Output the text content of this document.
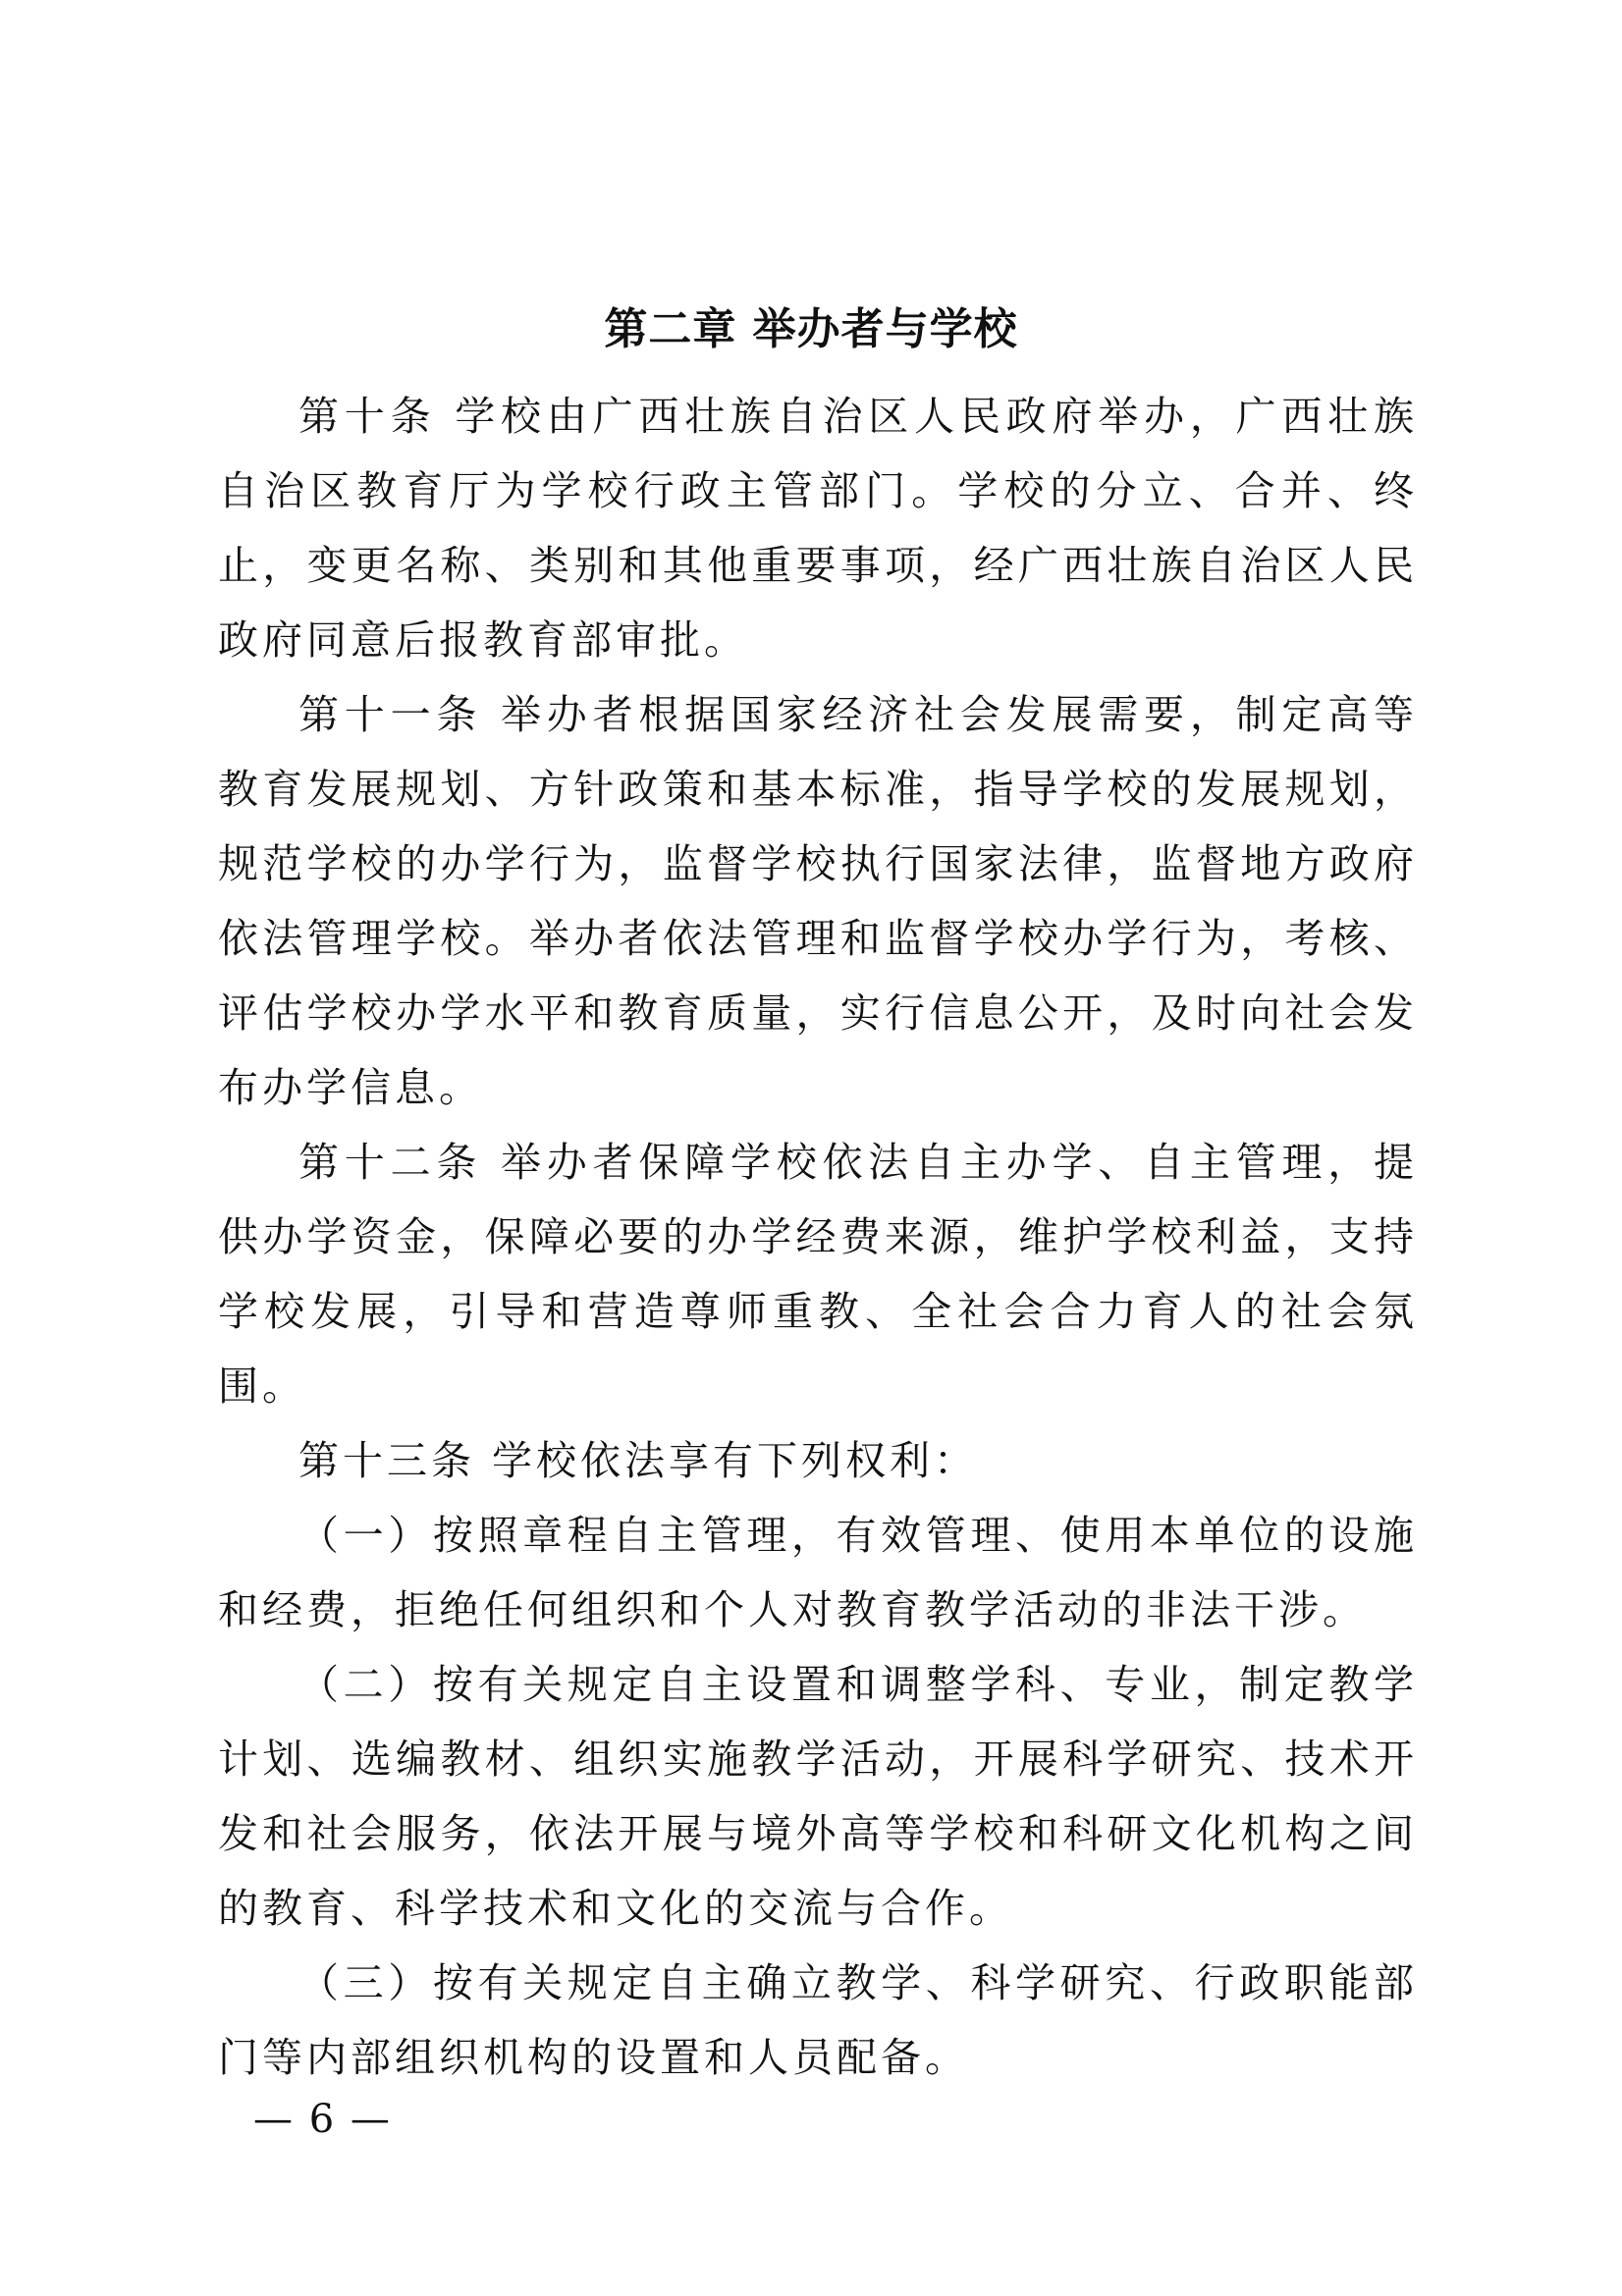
第二章 举办者与学校

第十条 学校由广西壮族自治区人民政府举办，广西壮族自治区教育厅为学校行政主管部门。学校的分立、合并、终止，变更名称、类别和其他重要事项，经广西壮族自治区人民政府同意后报教育部审批。

第十一条 举办者根据国家经济社会发展需要，制定高等教育发展规划、方针政策和基本标准，指导学校的发展规划，规范学校的办学行为，监督学校执行国家法律，监督地方政府依法管理学校。举办者依法管理和监督学校办学行为，考核、评估学校办学水平和教育质量，实行信息公开，及时向社会发布办学信息。

第十二条 举办者保障学校依法自主办学、自主管理，提供办学资金，保障必要的办学经费来源，维护学校利益，支持学校发展，引导和营造尊师重教、全社会合力育人的社会氛围。

第十三条 学校依法享有下列权利：

（一）按照章程自主管理，有效管理、使用本单位的设施和经费，拒绝任何组织和个人对教育教学活动的非法干涉。

（二）按有关规定自主设置和调整学科、专业，制定教学计划、选编教材、组织实施教学活动，开展科学研究、技术开发和社会服务，依法开展与境外高等学校和科研文化机构之间的教育、科学技术和文化的交流与合作。

（三）按有关规定自主确立教学、科学研究、行政职能部门等内部组织机构的设置和人员配备。

— 6 —
